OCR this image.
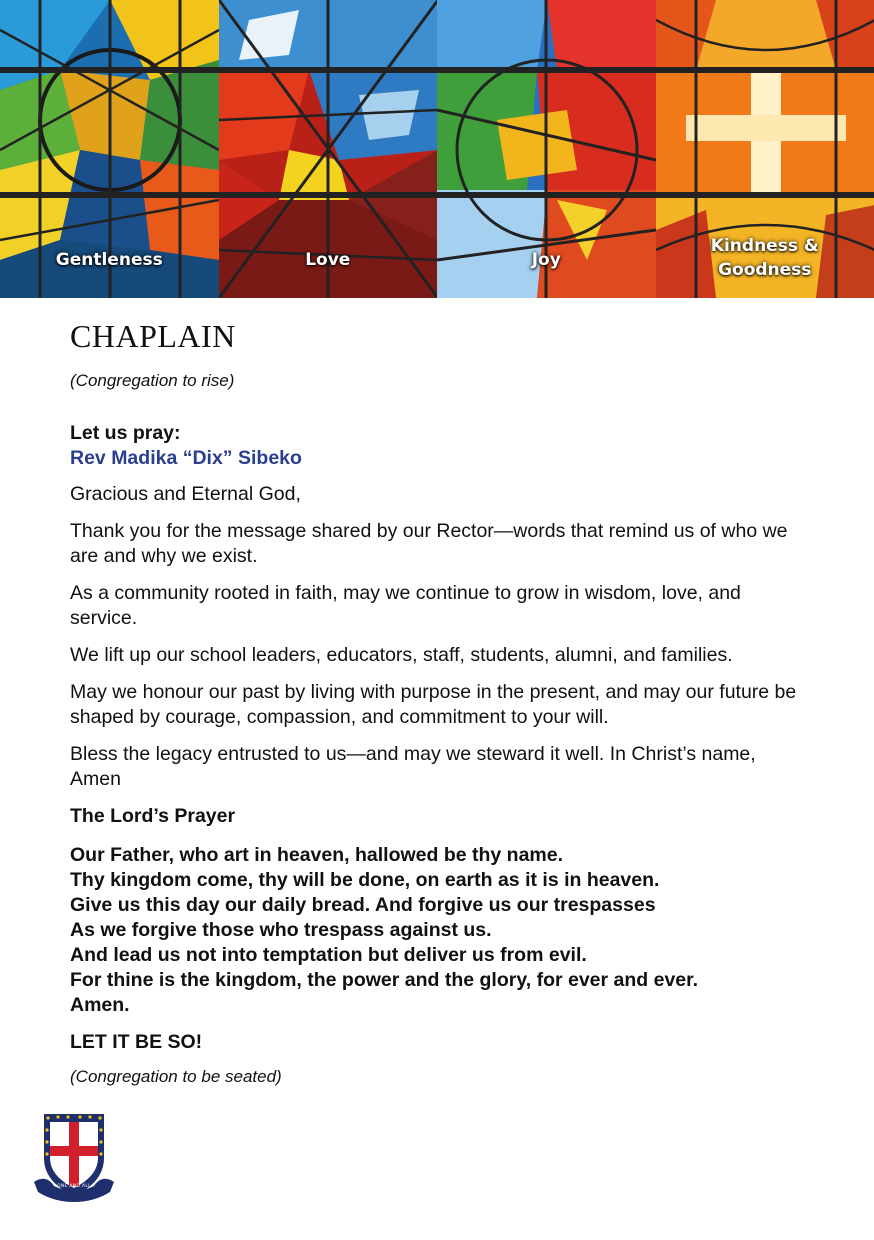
Gentleness	Love	Joy
Kindness &
Goodness
CHAPLAIN

(Congregation to rise)

Let us pray:

Rev Madika “Dix” Sibeko

Gracious and Eternal God,

Thank you for the message shared by our Rector—words that remind us of who we are and why we exist.

As a community rooted in faith, may we continue to grow in wisdom, love, and service.

We lift up our school leaders, educators, staff, students, alumni, and families.

May we honour our past by living with purpose in the present, and may our future be shaped by courage, compassion, and commitment to your will.

Bless the legacy entrusted to us—and may we steward it well. In Christ’s name, Amen

The Lord’s Prayer

Our Father, who art in heaven, hallowed be thy name.

Thy kingdom come, thy will be done, on earth as it is in heaven.

Give us this day our daily bread. And forgive us our trespasses

As we forgive those who trespass against us.

And lead us not into temptation but deliver us from evil.

For thine is the kingdom, the power and the glory, for ever and ever.

Amen.

LET IT BE SO!

(Congregation to be seated)

ONE AND ALL
